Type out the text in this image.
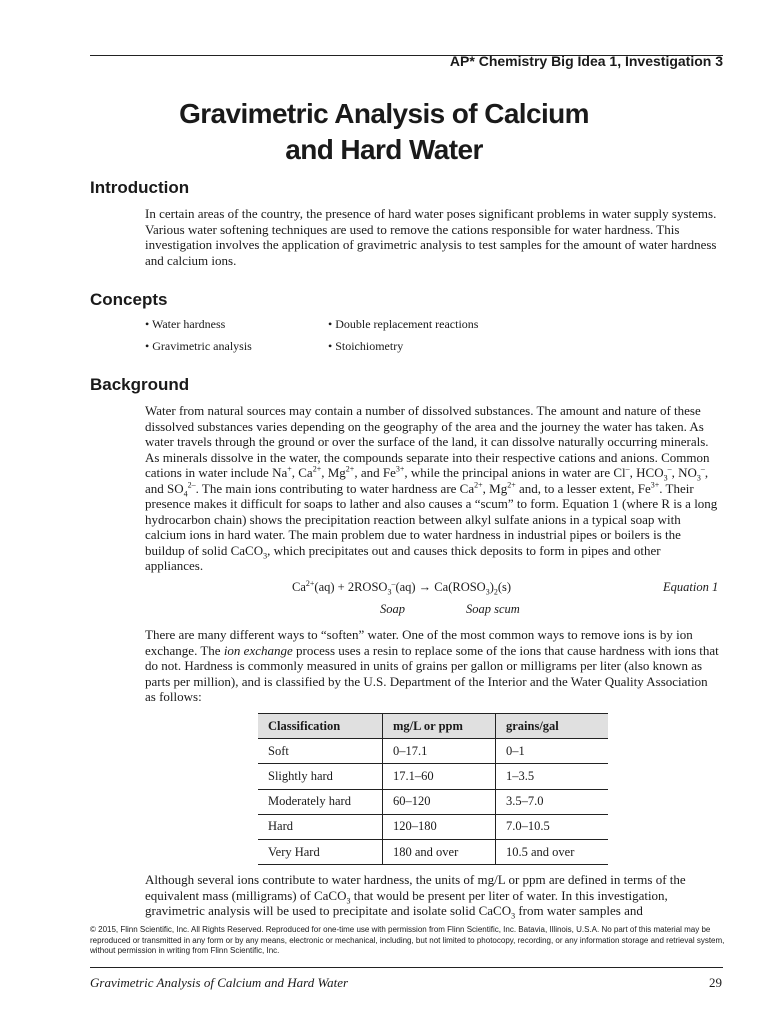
AP* Chemistry Big Idea 1, Investigation 3
Gravimetric Analysis of Calcium
and Hard Water
Introduction

In certain areas of the country, the presence of hard water poses significant problems in water supply systems. Various water softening techniques are used to remove the cations responsible for water hardness. This investigation involves the application of gravimetric analysis to test samples for the amount of water hardness and calcium ions.

Concepts
• Water hardness	• Double replacement reactions
• Gravimetric analysis	• Stoichiometry
Background

Water from natural sources may contain a number of dissolved substances. The amount and nature of these dissolved substances varies depending on the geography of the area and the journey the water has taken. As water travels through the ground or over the surface of the land, it can dissolve naturally occurring minerals. As minerals dissolve in the water, the compounds separate into their respective cations and anions. Common cations in water include Na+, $Ca^{2+}$, $Mg^{2+}$, and $Fe^{3+}$, while the principal anions in water are Cl–, $HCO_3^-$, $NO_3^-$, and $SO_4^{2-}$. The main ions contributing to water hardness are $Ca^{2+}$, $Mg^{2+}$ and, to a lesser extent, $Fe^{3+}$. Their presence makes it difficult for soaps to lather and also causes a “scum” to form. Equation 1 (where R is a long hydrocarbon chain) shows the precipitation reaction between alkyl sulfate anions in a typical soap with calcium ions in hard water. The main problem due to water hardness in industrial pipes or boilers is the buildup of solid CaCO$_3$, which precipitates out and causes thick deposits to form in pipes and other appliances.

$Ca^{2+}(aq)$ + $2ROSO_3^-(aq)$ → $Ca(ROSO_3)_2(s)$	Equation 1
Soap	Soap scum

There are many different ways to “soften” water. One of the most common ways to remove ions is by ion exchange. The ion exchange process uses a resin to replace some of the ions that cause hardness with ions that do not. Hardness is commonly measured in units of grains per gallon or milligrams per liter (also known as parts per million), and is classified by the U.S. Department of the Interior and the Water Quality Association as follows:

Classification	mg/L or ppm	grains/gal
Soft	0–17.1	0–1
Slightly hard	17.1–60	1–3.5
Moderately hard	60–120	3.5–7.0
Hard	120–180	7.0–10.5
Very Hard	180 and over	10.5 and over

Although several ions contribute to water hardness, the units of mg/L or ppm are defined in terms of the equivalent mass (milligrams) of CaCO$_3$ that would be present per liter of water. In this investigation, gravimetric analysis will be used to precipitate and isolate solid CaCO$_3$ from water samples and

© 2015, Flinn Scientific, Inc. All Rights Reserved. Reproduced for one-time use with permission from Flinn Scientific, Inc. Batavia, Illinois, U.S.A. No part of this material may be reproduced or transmitted in any form or by any means, electronic or mechanical, including, but not limited to photocopy, recording, or any information storage and retrieval system, without permission in writing from Flinn Scientific, Inc.

Gravimetric Analysis of Calcium and Hard Water	29
